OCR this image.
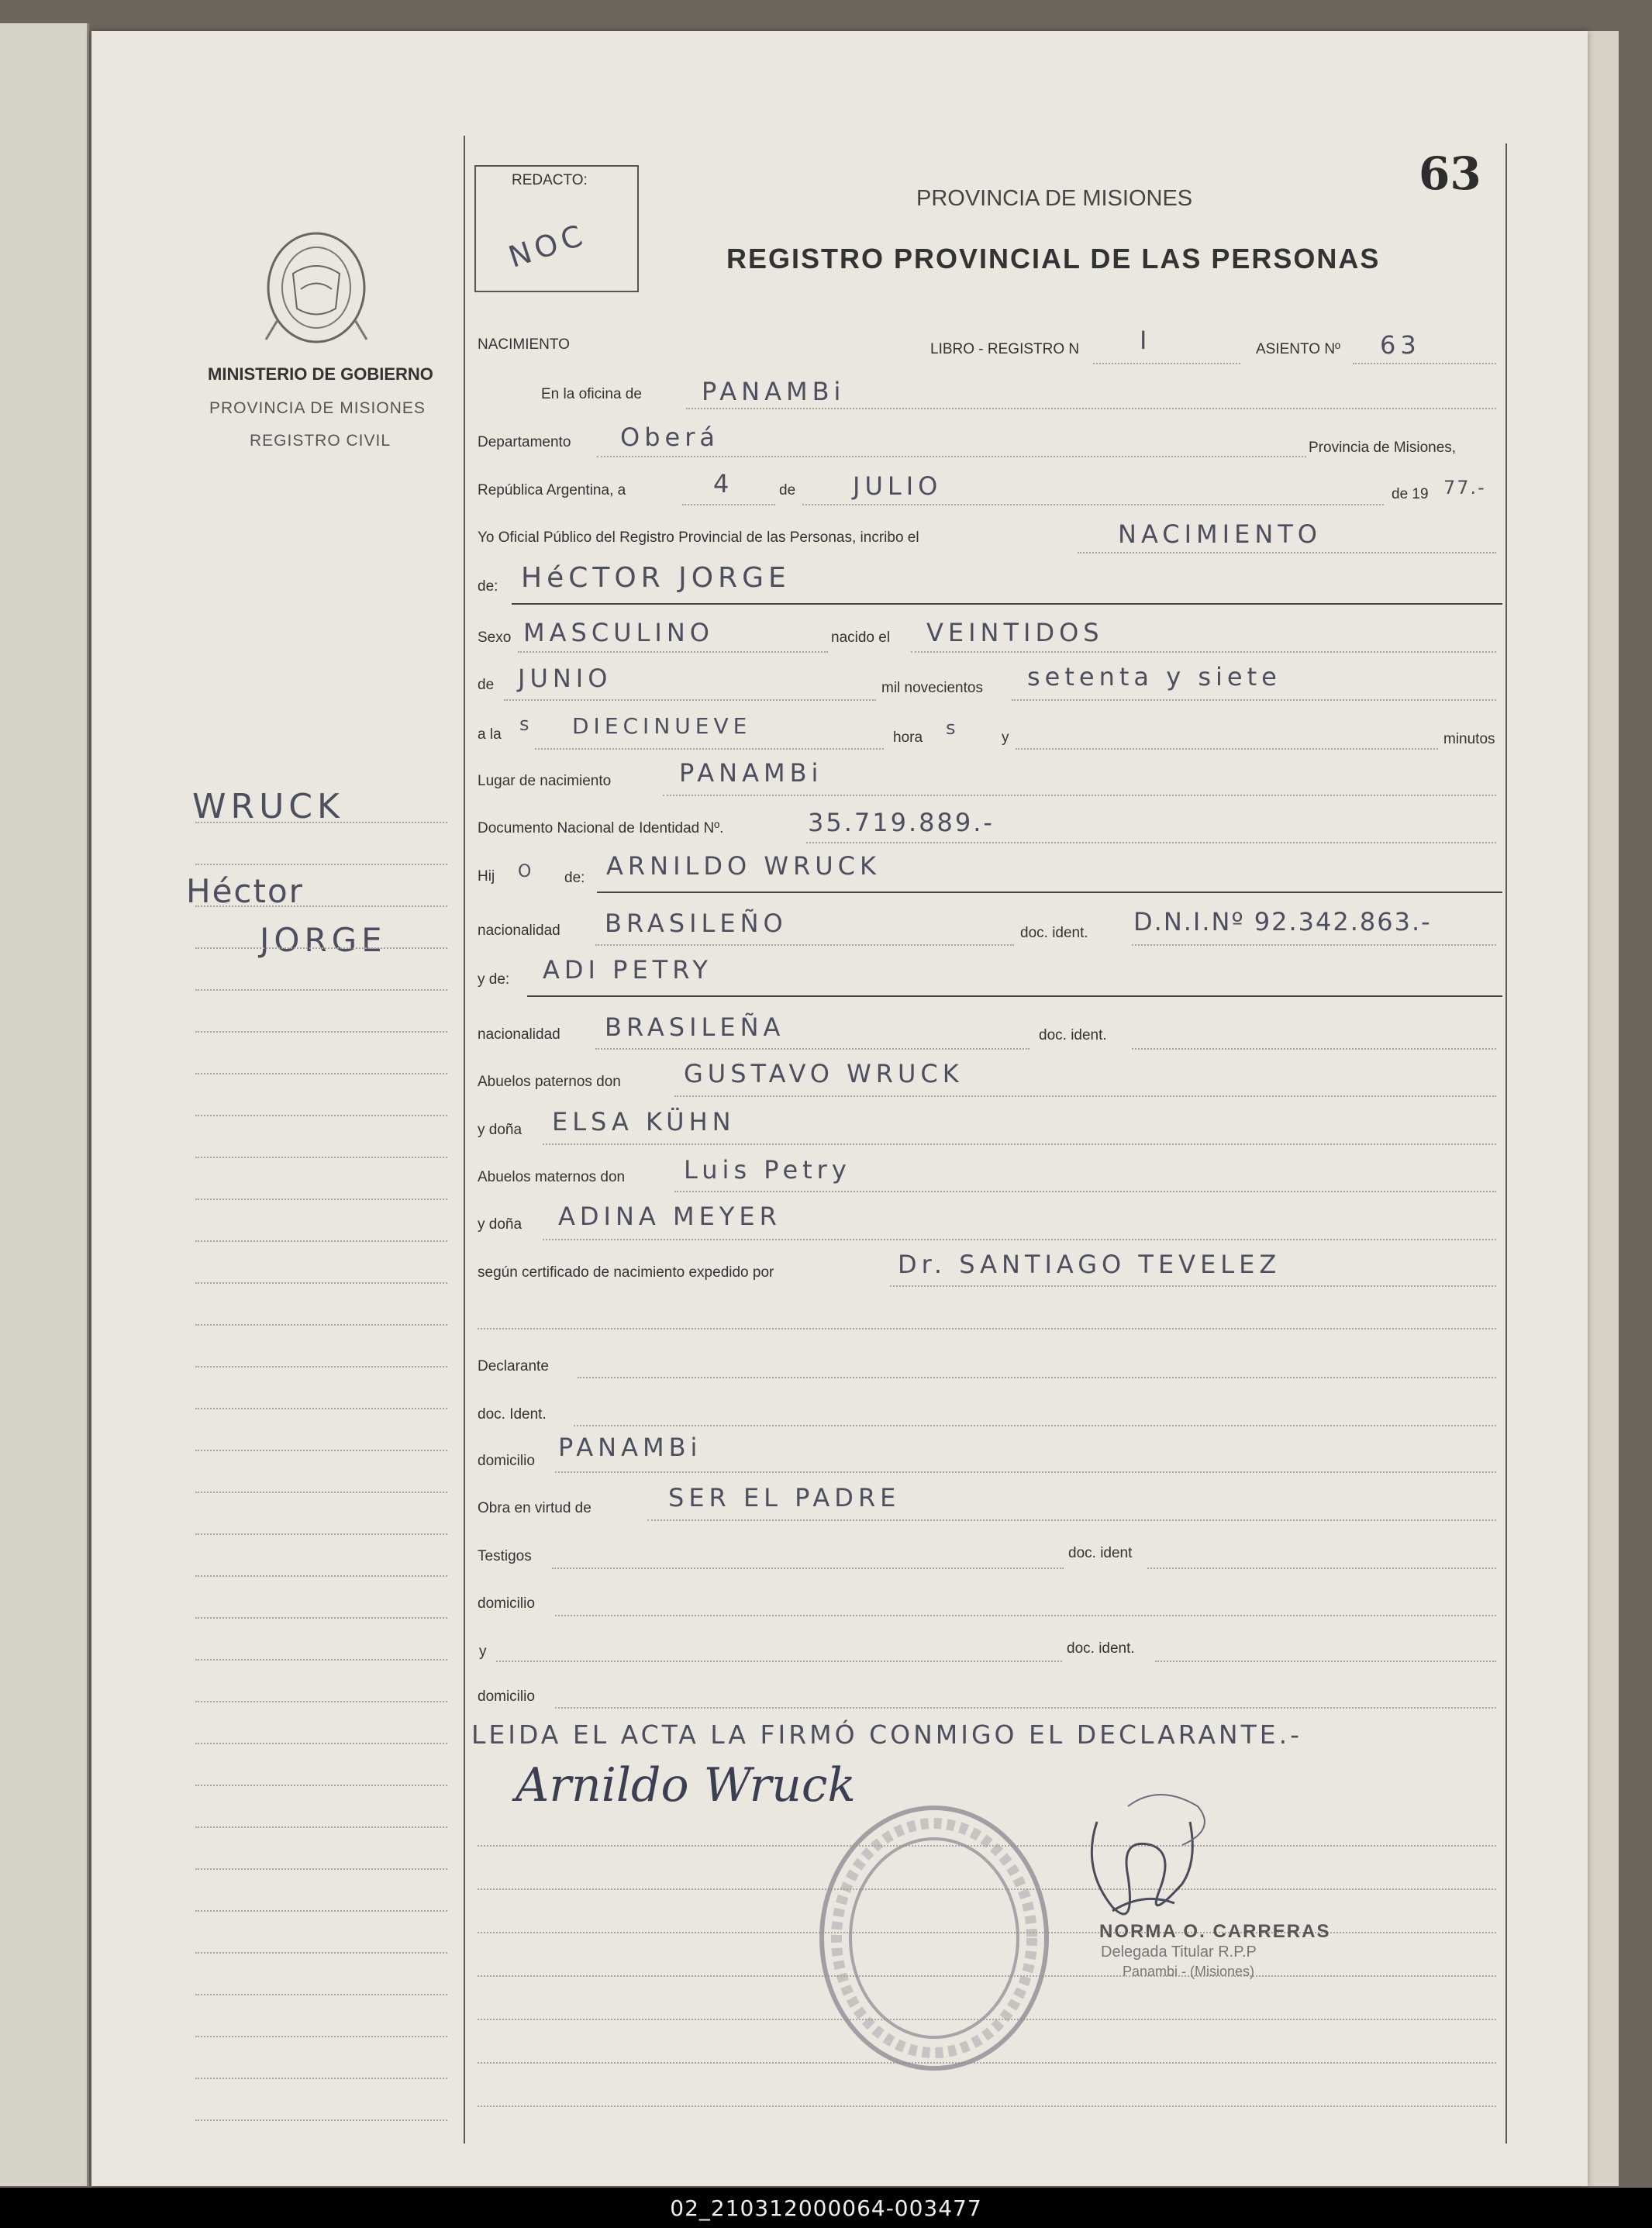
63
REDACTO:
NOC
PROVINCIA DE MISIONES
REGISTRO PROVINCIAL DE LAS PERSONAS
MINISTERIO DE GOBIERNO
PROVINCIA DE MISIONES
REGISTRO CIVIL
WRUCK
Héctor
JORGE
NACIMIENTO	LIBRO - REGISTRO N I	ASIENTO Nº 63
En la oficina de PANAMBi
Departamento Oberá	Provincia de Misiones,
República Argentina, a	4	de JULIO	de 19 77.-
Yo Oficial Público del Registro Provincial de las Personas, incribo el	NACIMIENTO
de: HéCTOR JORGE
Sexo MASCULINO	nacido el VEINTIDOS
de JUNIO	mil novecientos setenta y siete
a la s DIECINUEVE	hora s	y	minutos
Lugar de nacimiento	PANAMBi
Documento Nacional de Identidad Nº.	35.719.889.-
Hij O de: ARNILDO WRUCK
nacionalidad BRASILEÑO	doc. ident. D.N.I.Nº 92.342.863.-
y de: ADI PETRY
nacionalidad BRASILEÑA	doc. ident.
Abuelos paternos don	GUSTAVO WRUCK
y doña ELSA KÜHN
Abuelos maternos don Luis Petry
y doña ADINA MEYER
según certificado de nacimiento expedido por	Dr. SANTIAGO TEVELEZ
Declarante
doc. Ident.
domicilio PANAMBi
Obra en virtud de	SER EL PADRE
Testigos	doc. ident
domicilio
y	doc. ident.
domicilio
LEIDA EL ACTA LA FIRMÓ CONMIGO EL DECLARANTE.-
Arnildo Wruck
NORMA O. CARRERAS
Delegada Titular R.P.P
Panambi - (Misiones)
02_210312000064-003477
